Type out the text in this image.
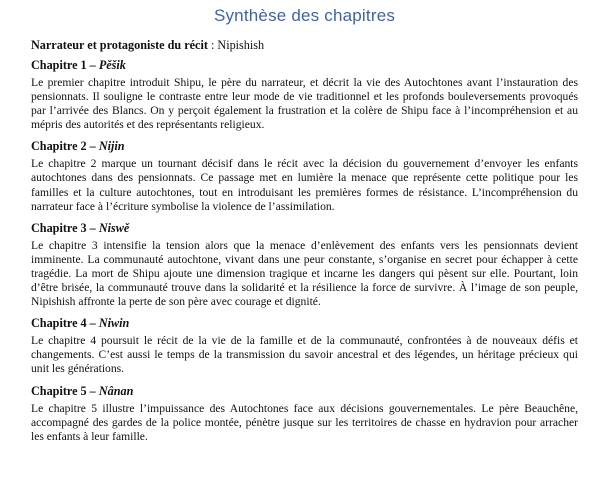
Synthèse des chapitres
Narrateur et protagoniste du récit : Nipishish
Chapitre 1 – Pěšik

Le premier chapitre introduit Shipu, le père du narrateur, et décrit la vie des Autochtones avant l’instauration des pensionnats. Il souligne le contraste entre leur mode de vie traditionnel et les profonds bouleversements provoqués par l’arrivée des Blancs. On y perçoit également la frustration et la colère de Shipu face à l’incompréhension et au mépris des autorités et des représentants religieux.

Chapitre 2 – Nijin

Le chapitre 2 marque un tournant décisif dans le récit avec la décision du gouvernement d’envoyer les enfants autochtones dans des pensionnats. Ce passage met en lumière la menace que représente cette politique pour les familles et la culture autochtones, tout en introduisant les premières formes de résistance. L’incompréhension du narrateur face à l’écriture symbolise la violence de l’assimilation.

Chapitre 3 – Niswě

Le chapitre 3 intensifie la tension alors que la menace d’enlèvement des enfants vers les pensionnats devient imminente. La communauté autochtone, vivant dans une peur constante, s’organise en secret pour échapper à cette tragédie. La mort de Shipu ajoute une dimension tragique et incarne les dangers qui pèsent sur elle. Pourtant, loin d’être brisée, la communauté trouve dans la solidarité et la résilience la force de survivre. À l’image de son peuple, Nipishish affronte la perte de son père avec courage et dignité.

Chapitre 4 – Niwin

Le chapitre 4 poursuit le récit de la vie de la famille et de la communauté, confrontées à de nouveaux défis et changements. C’est aussi le temps de la transmission du savoir ancestral et des légendes, un héritage précieux qui unit les générations.

Chapitre 5 – Nânan

Le chapitre 5 illustre l’impuissance des Autochtones face aux décisions gouvernementales. Le père Beauchêne, accompagné des gardes de la police montée, pénètre jusque sur les territoires de chasse en hydravion pour arracher les enfants à leur famille.
